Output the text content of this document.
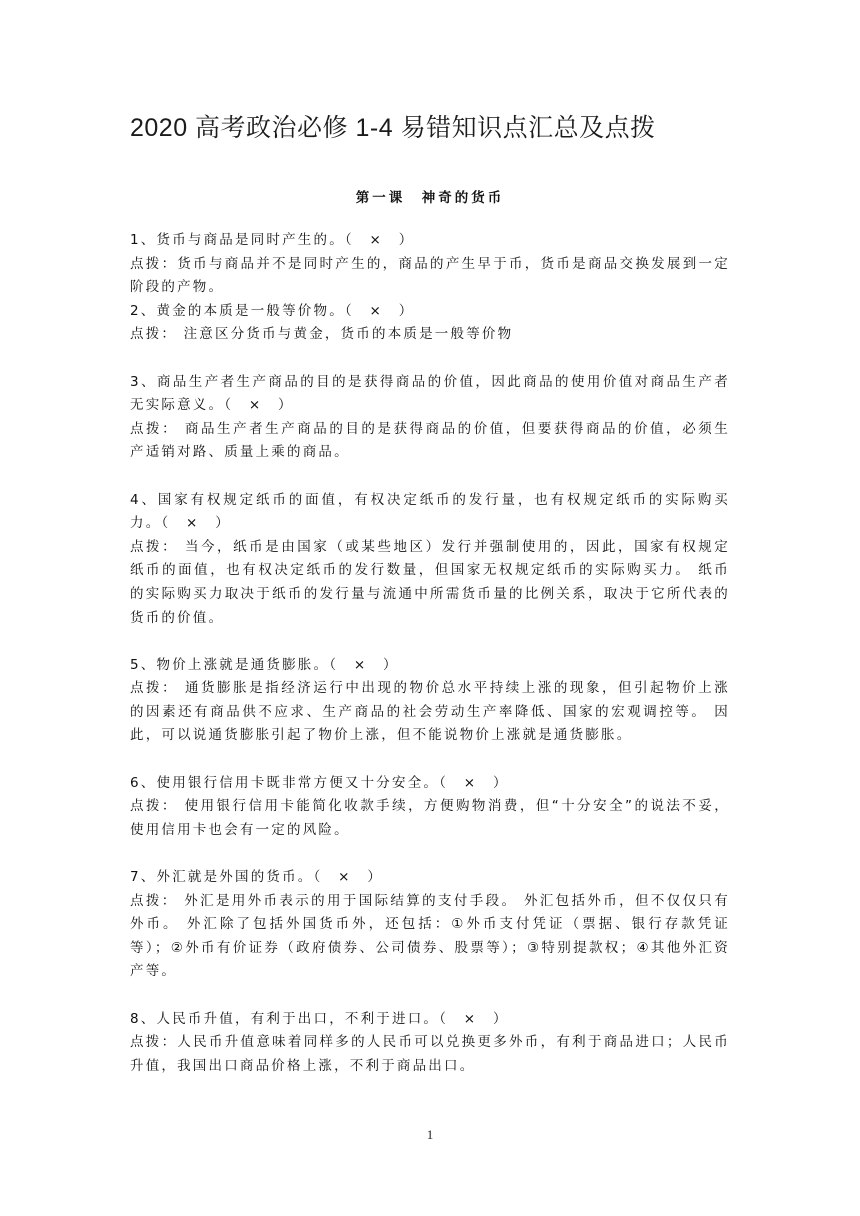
2020 高考政治必修 1-4 易错知识点汇总及点拨
第一课　神奇的货币

1、货币与商品是同时产生的。（　×　）

点拨：货币与商品并不是同时产生的，商品的产生早于币，货币是商品交换发展到一定阶段的产物。

2、黄金的本质是一般等价物。（　×　）

点拨： 注意区分货币与黄金，货币的本质是一般等价物

3、商品生产者生产商品的目的是获得商品的价值，因此商品的使用价值对商品生产者无实际意义。（　×　）

点拨： 商品生产者生产商品的目的是获得商品的价值，但要获得商品的价值，必须生产适销对路、质量上乘的商品。

4、国家有权规定纸币的面值，有权决定纸币的发行量，也有权规定纸币的实际购买力。（　×　）

点拨： 当今，纸币是由国家（或某些地区）发行并强制使用的，因此，国家有权规定纸币的面值，也有权决定纸币的发行数量，但国家无权规定纸币的实际购买力。 纸币的实际购买力取决于纸币的发行量与流通中所需货币量的比例关系，取决于它所代表的货币的价值。

5、物价上涨就是通货膨胀。（　×　）

点拨： 通货膨胀是指经济运行中出现的物价总水平持续上涨的现象，但引起物价上涨的因素还有商品供不应求、生产商品的社会劳动生产率降低、国家的宏观调控等。 因此，可以说通货膨胀引起了物价上涨，但不能说物价上涨就是通货膨胀。

6、使用银行信用卡既非常方便又十分安全。（　×　）

点拨： 使用银行信用卡能简化收款手续，方便购物消费，但“十分安全”的说法不妥，使用信用卡也会有一定的风险。

7、外汇就是外国的货币。（　×　）

点拨： 外汇是用外币表示的用于国际结算的支付手段。 外汇包括外币，但不仅仅只有外币。 外汇除了包括外国货币外，还包括：①外币支付凭证（票据、银行存款凭证等）；②外币有价证券（政府债券、公司债券、股票等）；③特别提款权；④其他外汇资产等。

8、人民币升值，有利于出口，不利于进口。（　×　）

点拨：人民币升值意味着同样多的人民币可以兑换更多外币，有利于商品进口；人民币升值，我国出口商品价格上涨，不利于商品出口。

1
